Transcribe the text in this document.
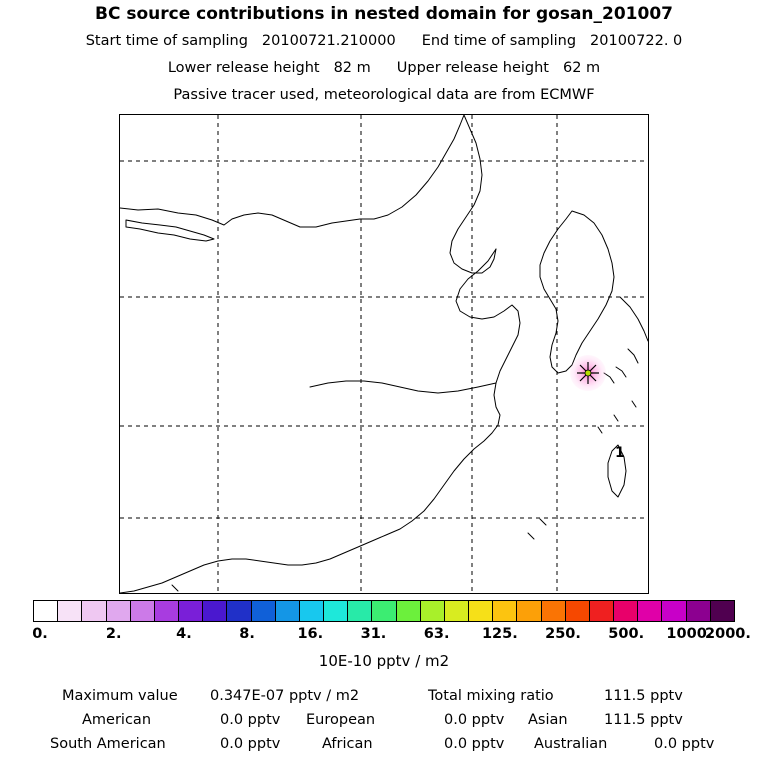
BC source contributions in nested domain for gosan_201007
Start time of sampling 20100721.210000 End time of sampling 20100722. 0
Lower release height 82 m Upper release height 62 m
Passive tracer used, meteorological data are from ECMWF
1
0.	2.	4.	8.	16.	31.	63. 125. 250. 500. 1000.
2000.
10E-10 pptv / m2
Maximum value 0.347E-07 pptv / m2	Total mixing ratio	111.5 pptv
American	0.0 pptv European	0.0 pptv Asian	111.5 pptv
South American	0.0 pptv	African	0.0 pptv Australian	0.0 pptv
